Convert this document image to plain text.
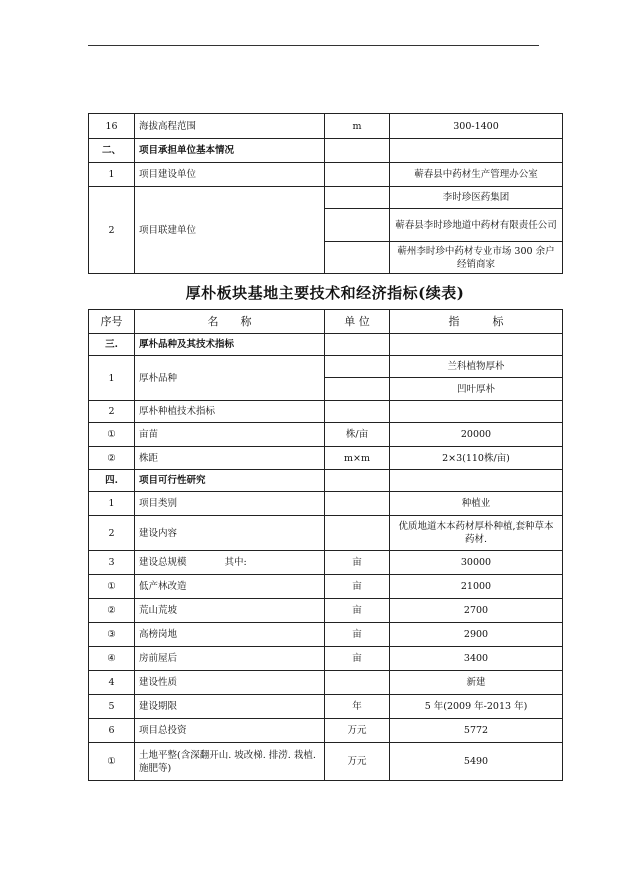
16	海拔高程范围	m	300-1400
二、	项目承担单位基本情况		
1	项目建设单位		蕲春县中药材生产管理办公室
2	项目联建单位		李时珍医药集团
			蕲春县李时珍地道中药材有限责任公司
			蕲州李时珍中药材专业市场 300 余户经销商家
厚朴板块基地主要技术和经济指标(续表)
序号	名　　称	单 位	指　　　标
三.	厚朴品种及其技术指标		
1	厚朴品种		兰科植物厚朴
			凹叶厚朴
2	厚朴种植技术指标		
①	亩苗	株/亩	20000
②	株距	m×m	2×3(110株/亩)
四.	项目可行性研究		
1	项目类别		种植业
2	建设内容		优质地道木本药材厚朴种植,套种草本药材.
3	建设总规模 其中:	亩	30000
①	低产林改造	亩	21000
②	荒山荒坡	亩	2700
③	高榜岗地	亩	2900
④	房前屋后	亩	3400
4	建设性质		新建
5	建设期限	年	5 年(2009 年-2013 年)
6	项目总投资	万元	5772
①	土地平整(含深翻开山. 坡改梯. 排涝. 栽植. 施肥等)	万元	5490
